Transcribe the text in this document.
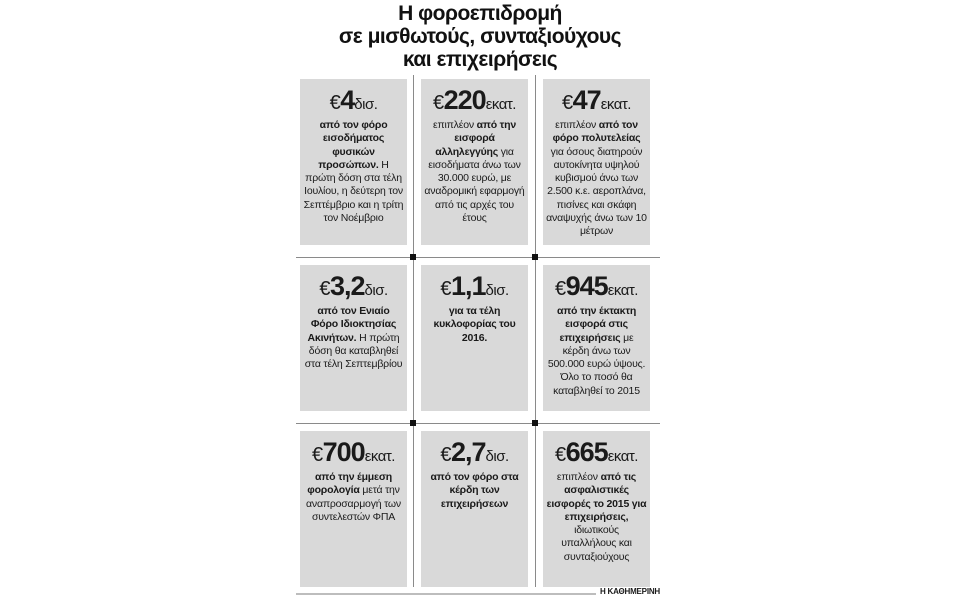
Η φοροεπιδρομή
σε μισθωτούς, συνταξιούχους
και επιχειρήσεις
€4δισ.
από τον φόρο εισοδήματος φυσικών προσώπων. Η πρώτη δόση στα τέλη Ιουλίου, η δεύτερη τον Σεπτέμβριο και η τρίτη τον Νοέμβριο
€220εκατ.
επιπλέον από την εισφορά αλληλεγγύης για εισοδήματα άνω των 30.000 ευρώ, με αναδρομική εφαρμογή από τις αρχές του έτους
€47εκατ.
επιπλέον από τον φόρο πολυτελείας για όσους διατηρούν αυτοκίνητα υψηλού κυβισμού άνω των 2.500 κ.ε. αεροπλάνα, πισίνες και σκάφη αναψυχής άνω των 10 μέτρων
€3,2δισ.
από τον Ενιαίο Φόρο Ιδιοκτησίας Ακινήτων. Η πρώτη δόση θα καταβληθεί στα τέλη Σεπτεμβρίου
€1,1δισ.
για τα τέλη κυκλοφορίας του 2016.
€945εκατ.
από την έκτακτη εισφορά στις επιχειρήσεις με κέρδη άνω των 500.000 ευρώ ύψους. Όλο το ποσό θα καταβληθεί το 2015
€700εκατ.
από την έμμεση φορολογία μετά την αναπροσαρμογή των συντελεστών ΦΠΑ
€2,7δισ.
από τον φόρο στα κέρδη των επιχειρήσεων
€665εκατ.
επιπλέον από τις ασφαλιστικές εισφορές το 2015 για επιχειρήσεις, ιδιωτικούς υπαλλήλους και συνταξιούχους
Η ΚΑΘΗΜΕΡΙΝΗ
